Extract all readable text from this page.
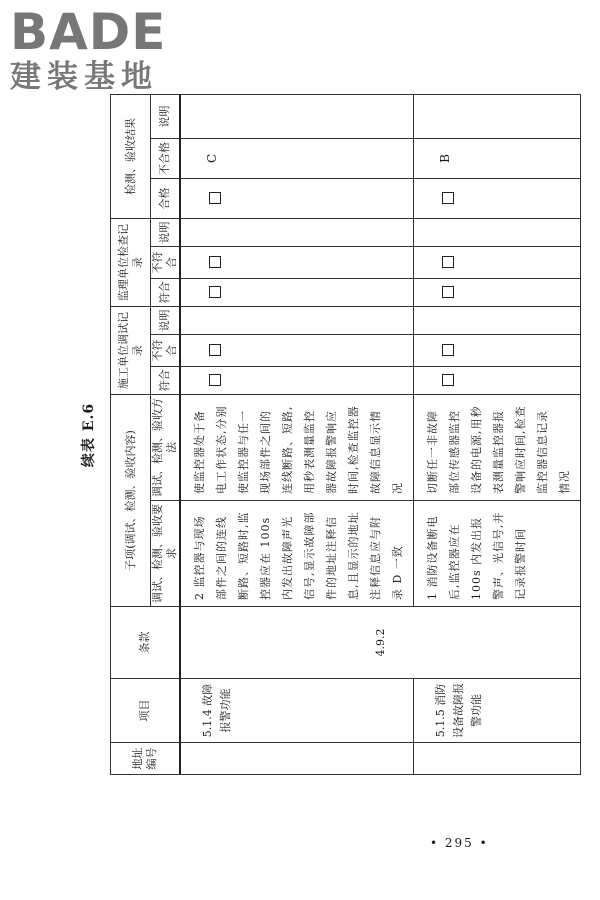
BADE
建装基地
续表 E.6
地址编号	项目	条款	子项(调试、检测、验收内容)		施工单位调试记录			监理单位检查记录			检测、验收结果		
			调试、检测、验收要求	调试、检测、验收方法	符合	不符合	说明	符合	不符合	说明	合格	不合格	说明
	5.1.4 故障报警功能	4.9.2	2 监控器与现场部件之间的连线断路、短路时,监控器应在 100s 内发出故障声光信号,显示故障部件的地址注释信息,且显示的地址注释信息应与附录 D 一致	使监控器处于备电工作状态,分别使监控器与任一现场部件之间的连线断路、短路,用秒表测量监控器故障报警响应时间,检查监控器故障信息显示情况								C	
	5.1.5 消防设备故障报警功能		1 消防设备断电后,监控器应在 100s 内发出报警声、光信号,并记录报警时间	切断任一非故障部位传感器监控设备的电源,用秒表测量监控器报警响应时间,检查监控器信息记录情况								B	
• 295 •
